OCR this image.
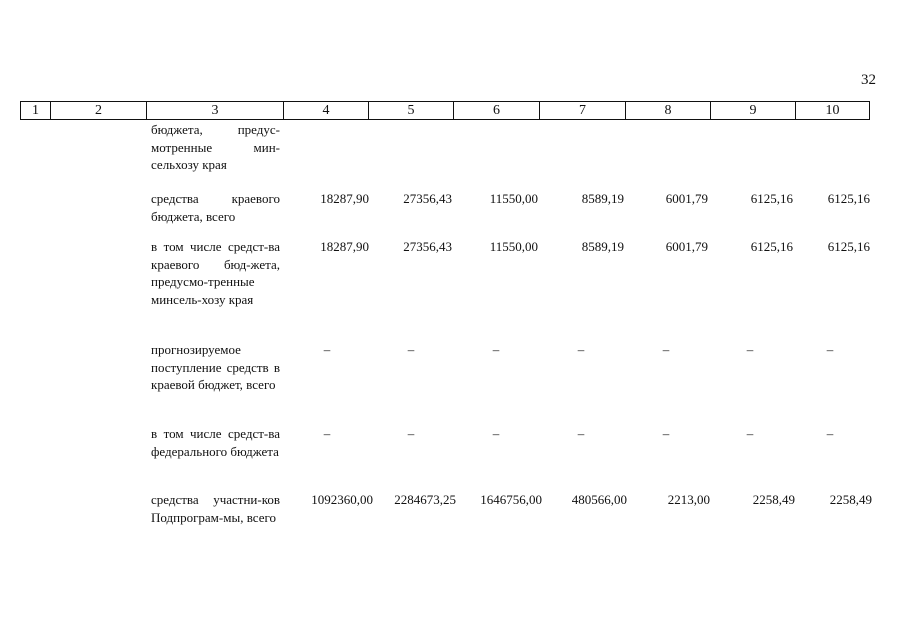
32
1	2	3	4	5	6	7	8	9	10
бюджета, предус-мотренные мин-сельхозу края
средства краевого бюджета, всего
18287,90	27356,43	11550,00	8589,19	6001,79	6125,16	6125,16
в том числе средст-ва краевого бюд-жета, предусмо-тренные минсель-хозу края
18287,90	27356,43	11550,00	8589,19	6001,79	6125,16	6125,16
прогнозируемое поступление средств в краевой бюджет, всего
–	–	–	–	–	–	–
в том числе средст-ва федерального бюджета
–	–	–	–	–	–	–
средства участни-ков Подпрограм-мы, всего
1092360,00 2284673,25 1646756,00 480566,00	2213,00	2258,49	2258,49
